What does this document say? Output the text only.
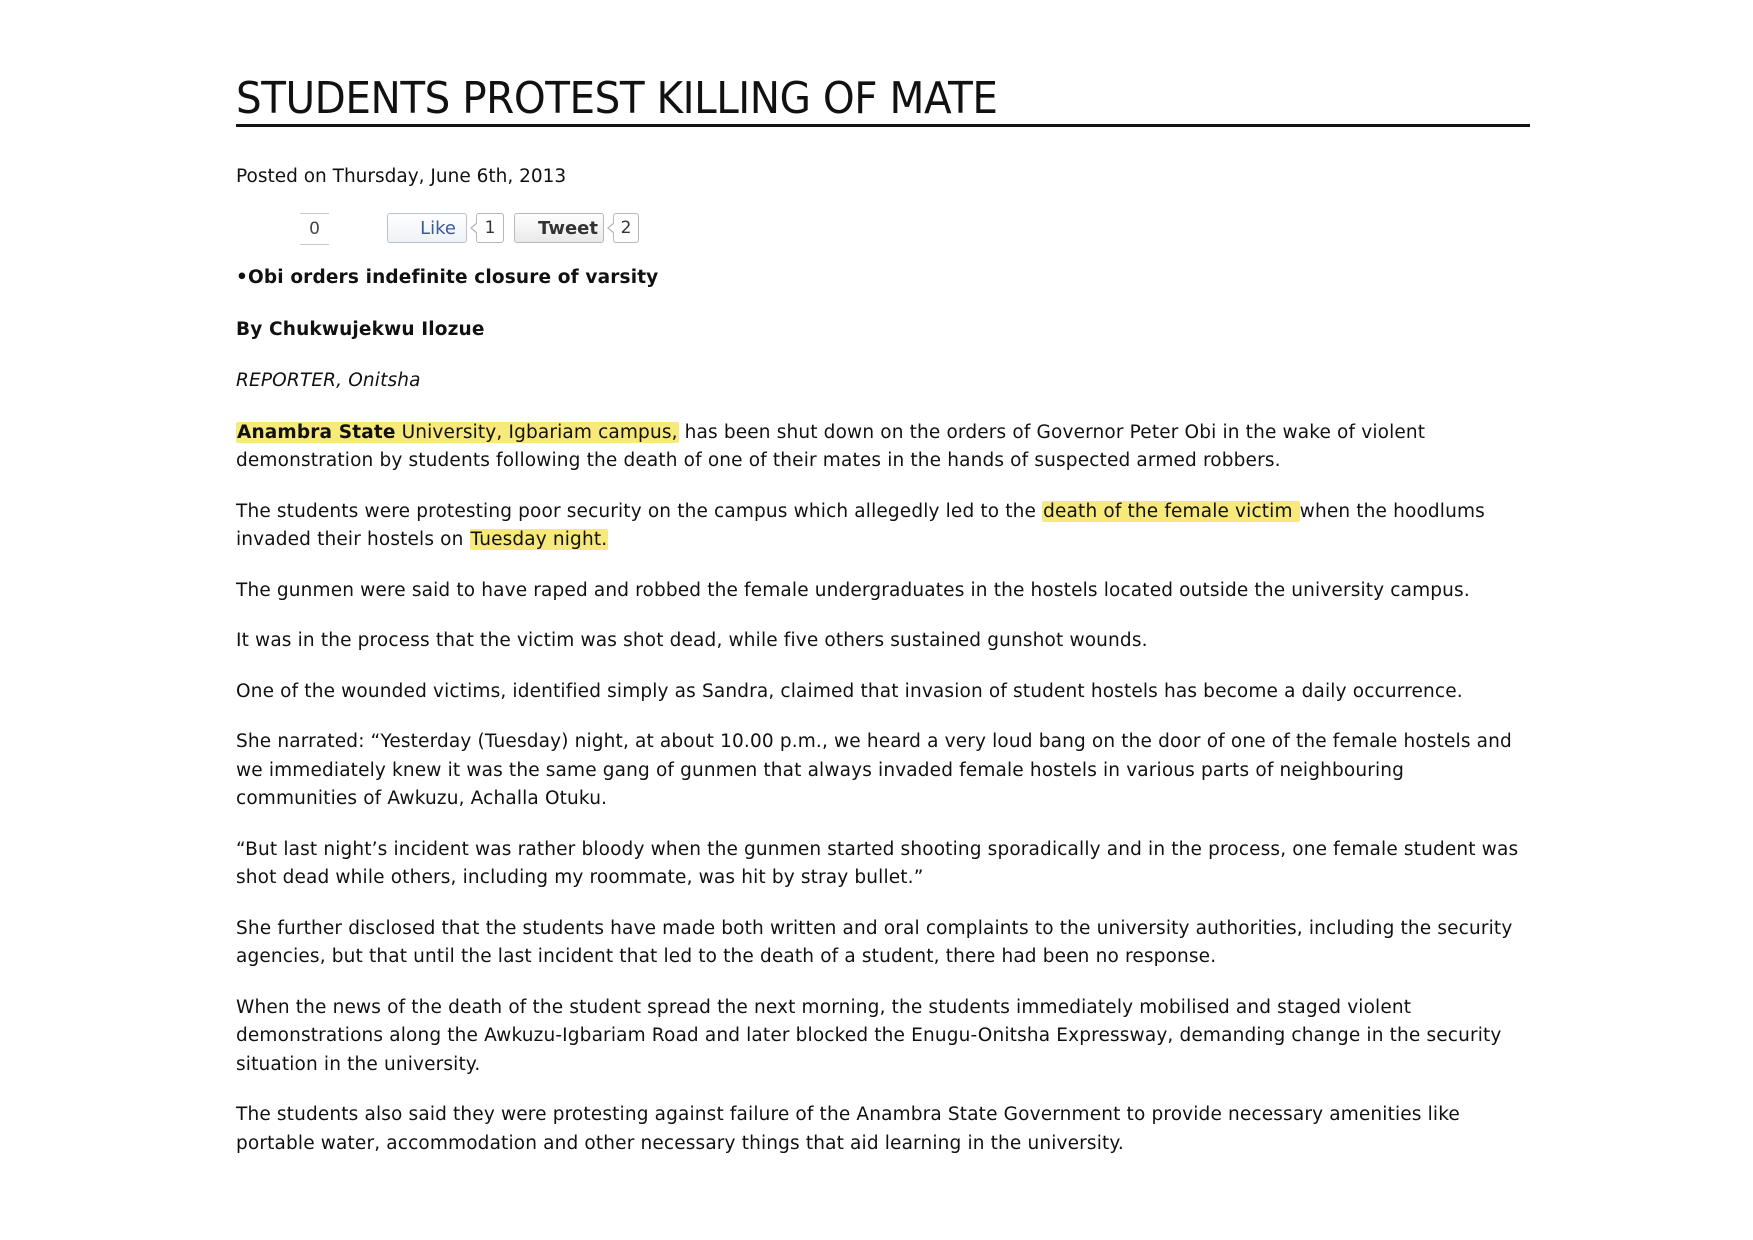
STUDENTS PROTEST KILLING OF MATE
Posted on Thursday, June 6th, 2013
0	Like	1	Tweet	2

•Obi orders indefinite closure of varsity

By Chukwujekwu Ilozue

REPORTER, Onitsha

Anambra State University, Igbariam campus, has been shut down on the orders of Governor Peter Obi in the wake of violent demonstration by students following the death of one of their mates in the hands of suspected armed robbers.

The students were protesting poor security on the campus which allegedly led to the death of the female victim when the hoodlums invaded their hostels on Tuesday night.

The gunmen were said to have raped and robbed the female undergraduates in the hostels located outside the university campus.

It was in the process that the victim was shot dead, while five others sustained gunshot wounds.

One of the wounded victims, identified simply as Sandra, claimed that invasion of student hostels has become a daily occurrence.

She narrated: “Yesterday (Tuesday) night, at about 10.00 p.m., we heard a very loud bang on the door of one of the female hostels and we immediately knew it was the same gang of gunmen that always invaded female hostels in various parts of neighbouring communities of Awkuzu, Achalla Otuku.

“But last night’s incident was rather bloody when the gunmen started shooting sporadically and in the process, one female student was shot dead while others, including my roommate, was hit by stray bullet.”

She further disclosed that the students have made both written and oral complaints to the university authorities, including the security agencies, but that until the last incident that led to the death of a student, there had been no response.

When the news of the death of the student spread the next morning, the students immediately mobilised and staged violent demonstrations along the Awkuzu-Igbariam Road and later blocked the Enugu-Onitsha Expressway, demanding change in the security situation in the university.

The students also said they were protesting against failure of the Anambra State Government to provide necessary amenities like portable water, accommodation and other necessary things that aid learning in the university.
